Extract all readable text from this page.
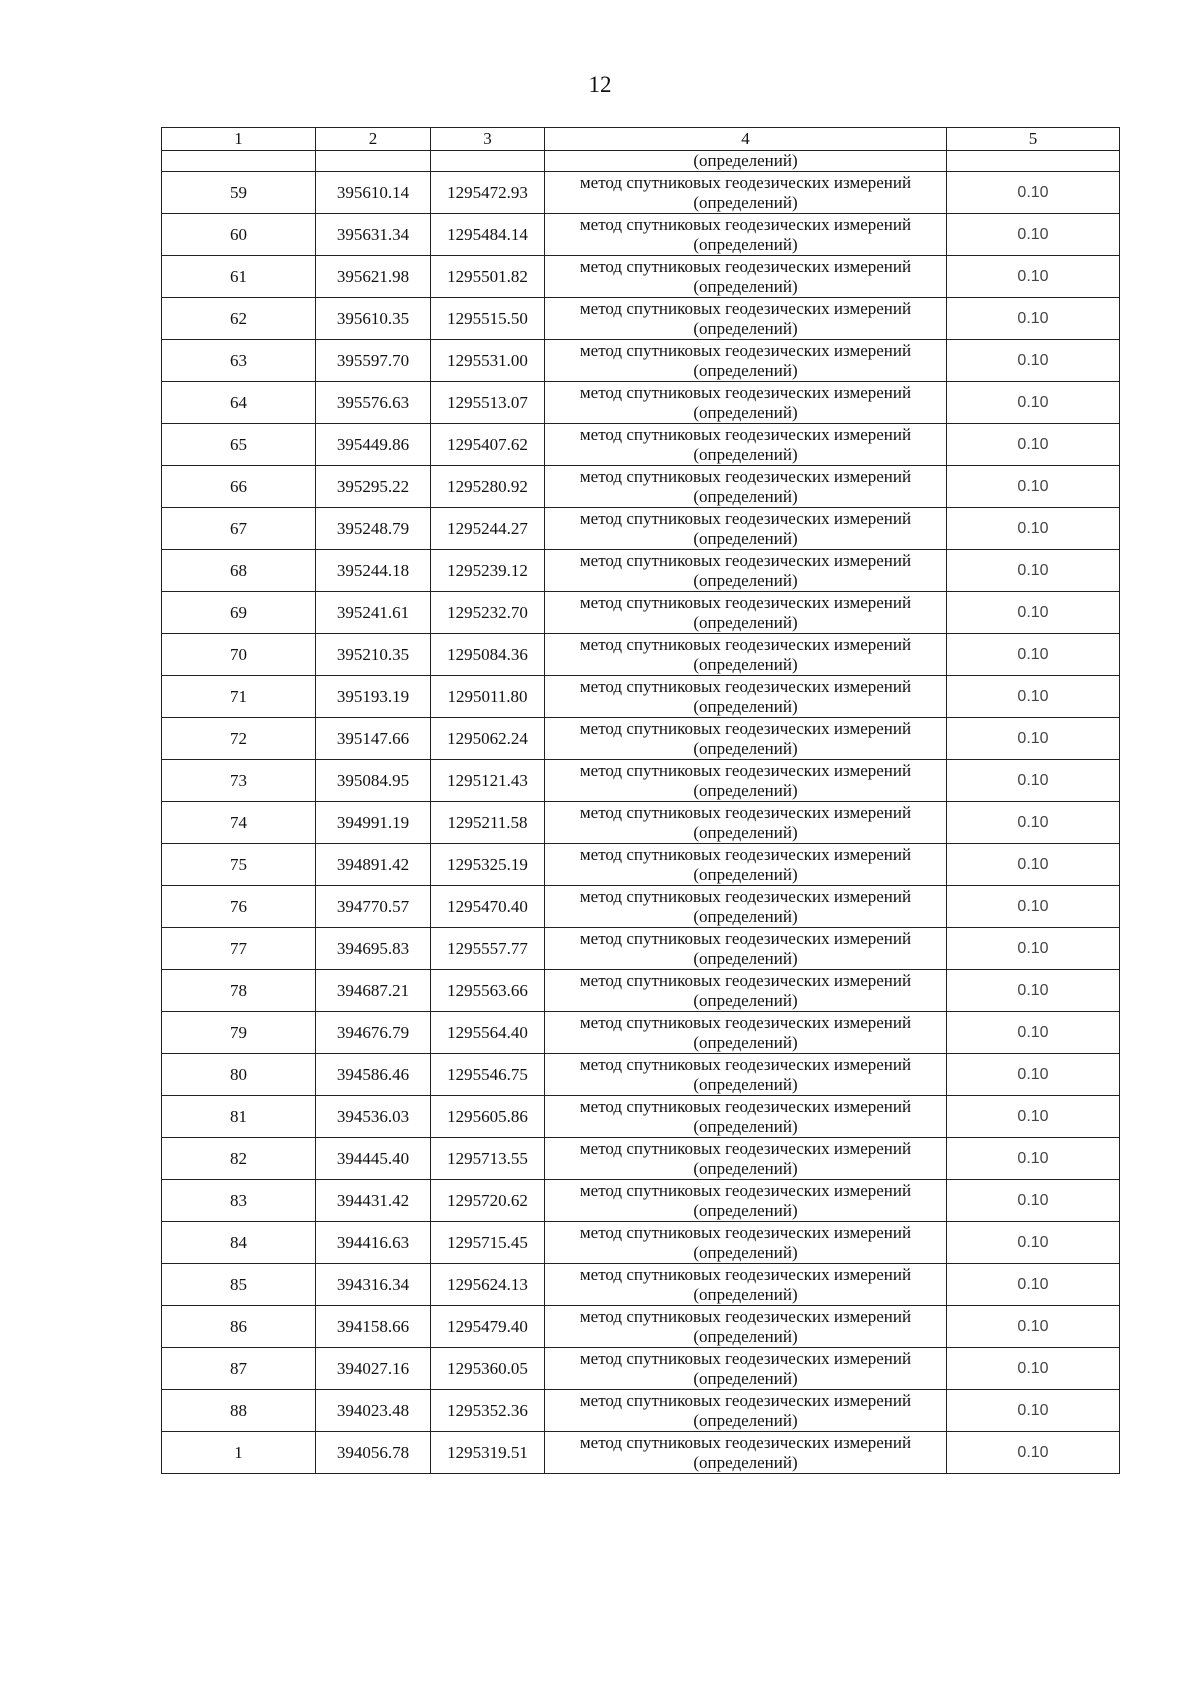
12
1	2	3	4	5
			(определений)	
59	395610.14	1295472.93	метод спутниковых геодезических измерений
(определений)	0.10
60	395631.34	1295484.14	метод спутниковых геодезических измерений
(определений)	0.10
61	395621.98	1295501.82	метод спутниковых геодезических измерений
(определений)	0.10
62	395610.35	1295515.50	метод спутниковых геодезических измерений
(определений)	0.10
63	395597.70	1295531.00	метод спутниковых геодезических измерений
(определений)	0.10
64	395576.63	1295513.07	метод спутниковых геодезических измерений
(определений)	0.10
65	395449.86	1295407.62	метод спутниковых геодезических измерений
(определений)	0.10
66	395295.22	1295280.92	метод спутниковых геодезических измерений
(определений)	0.10
67	395248.79	1295244.27	метод спутниковых геодезических измерений
(определений)	0.10
68	395244.18	1295239.12	метод спутниковых геодезических измерений
(определений)	0.10
69	395241.61	1295232.70	метод спутниковых геодезических измерений
(определений)	0.10
70	395210.35	1295084.36	метод спутниковых геодезических измерений
(определений)	0.10
71	395193.19	1295011.80	метод спутниковых геодезических измерений
(определений)	0.10
72	395147.66	1295062.24	метод спутниковых геодезических измерений
(определений)	0.10
73	395084.95	1295121.43	метод спутниковых геодезических измерений
(определений)	0.10
74	394991.19	1295211.58	метод спутниковых геодезических измерений
(определений)	0.10
75	394891.42	1295325.19	метод спутниковых геодезических измерений
(определений)	0.10
76	394770.57	1295470.40	метод спутниковых геодезических измерений
(определений)	0.10
77	394695.83	1295557.77	метод спутниковых геодезических измерений
(определений)	0.10
78	394687.21	1295563.66	метод спутниковых геодезических измерений
(определений)	0.10
79	394676.79	1295564.40	метод спутниковых геодезических измерений
(определений)	0.10
80	394586.46	1295546.75	метод спутниковых геодезических измерений
(определений)	0.10
81	394536.03	1295605.86	метод спутниковых геодезических измерений
(определений)	0.10
82	394445.40	1295713.55	метод спутниковых геодезических измерений
(определений)	0.10
83	394431.42	1295720.62	метод спутниковых геодезических измерений
(определений)	0.10
84	394416.63	1295715.45	метод спутниковых геодезических измерений
(определений)	0.10
85	394316.34	1295624.13	метод спутниковых геодезических измерений
(определений)	0.10
86	394158.66	1295479.40	метод спутниковых геодезических измерений
(определений)	0.10
87	394027.16	1295360.05	метод спутниковых геодезических измерений
(определений)	0.10
88	394023.48	1295352.36	метод спутниковых геодезических измерений
(определений)	0.10
1	394056.78	1295319.51	метод спутниковых геодезических измерений
(определений)	0.10
